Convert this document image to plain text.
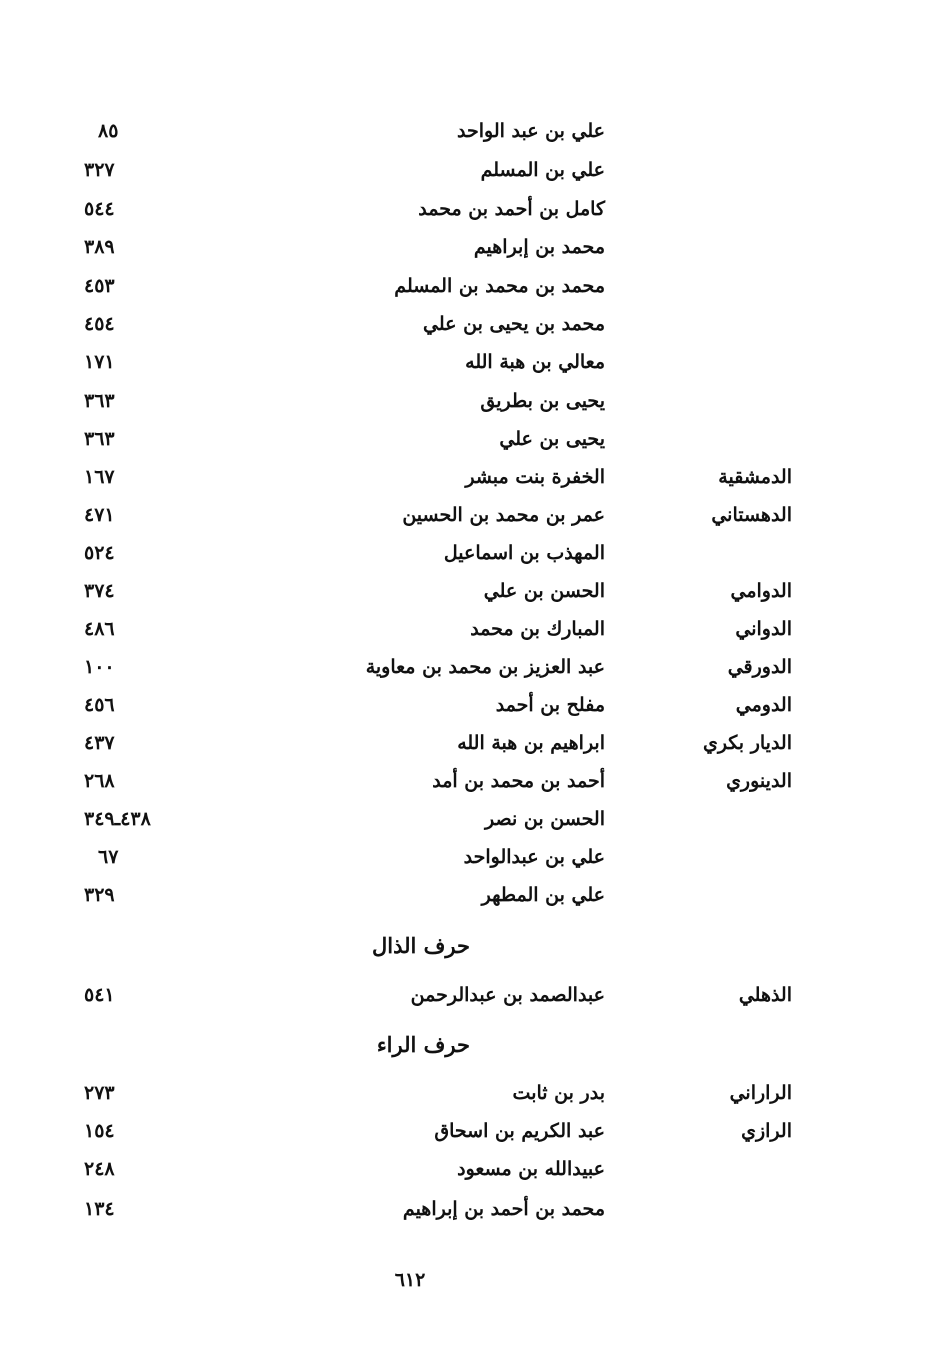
علي بن عبد الواحد
٨٥
علي بن المسلم
٣٢٧
كامل بن أحمد بن محمد
٥٤٤
محمد بن إبراهيم
٣٨٩
محمد بن محمد بن المسلم
٤٥٣
محمد بن يحيى بن علي
٤٥٤
معالي بن هبة الله
١٧١
يحيى بن بطريق
٣٦٣
يحيى بن علي
٣٦٣
الدمشقية
الخفرة بنت مبشر
١٦٧
الدهستاني
عمر بن محمد بن الحسين
٤٧١
المهذب بن اسماعيل
٥٢٤
الدوامي
الحسن بن علي
٣٧٤
الدواني
المبارك بن محمد
٤٨٦
الدورقي
عبد العزيز بن محمد بن معاوية
١٠٠
الدومي
مفلح بن أحمد
٤٥٦
الديار بكري
ابراهيم بن هبة الله
٤٣٧
الدينوري
أحمد بن محمد بن أمد
٢٦٨
الحسن بن نصر
٤٣٨ـ٣٤٩
علي بن عبدالواحد
٦٧
علي بن المطهر
٣٢٩
حرف الذال
الذهلي
عبدالصمد بن عبدالرحمن
٥٤١
حرف الراء
الراراني
بدر بن ثابت
٢٧٣
الرازي
عبد الكريم بن اسحاق
١٥٤
عبيدالله بن مسعود
٢٤٨
محمد بن أحمد بن إبراهيم
١٣٤
٦١٢
